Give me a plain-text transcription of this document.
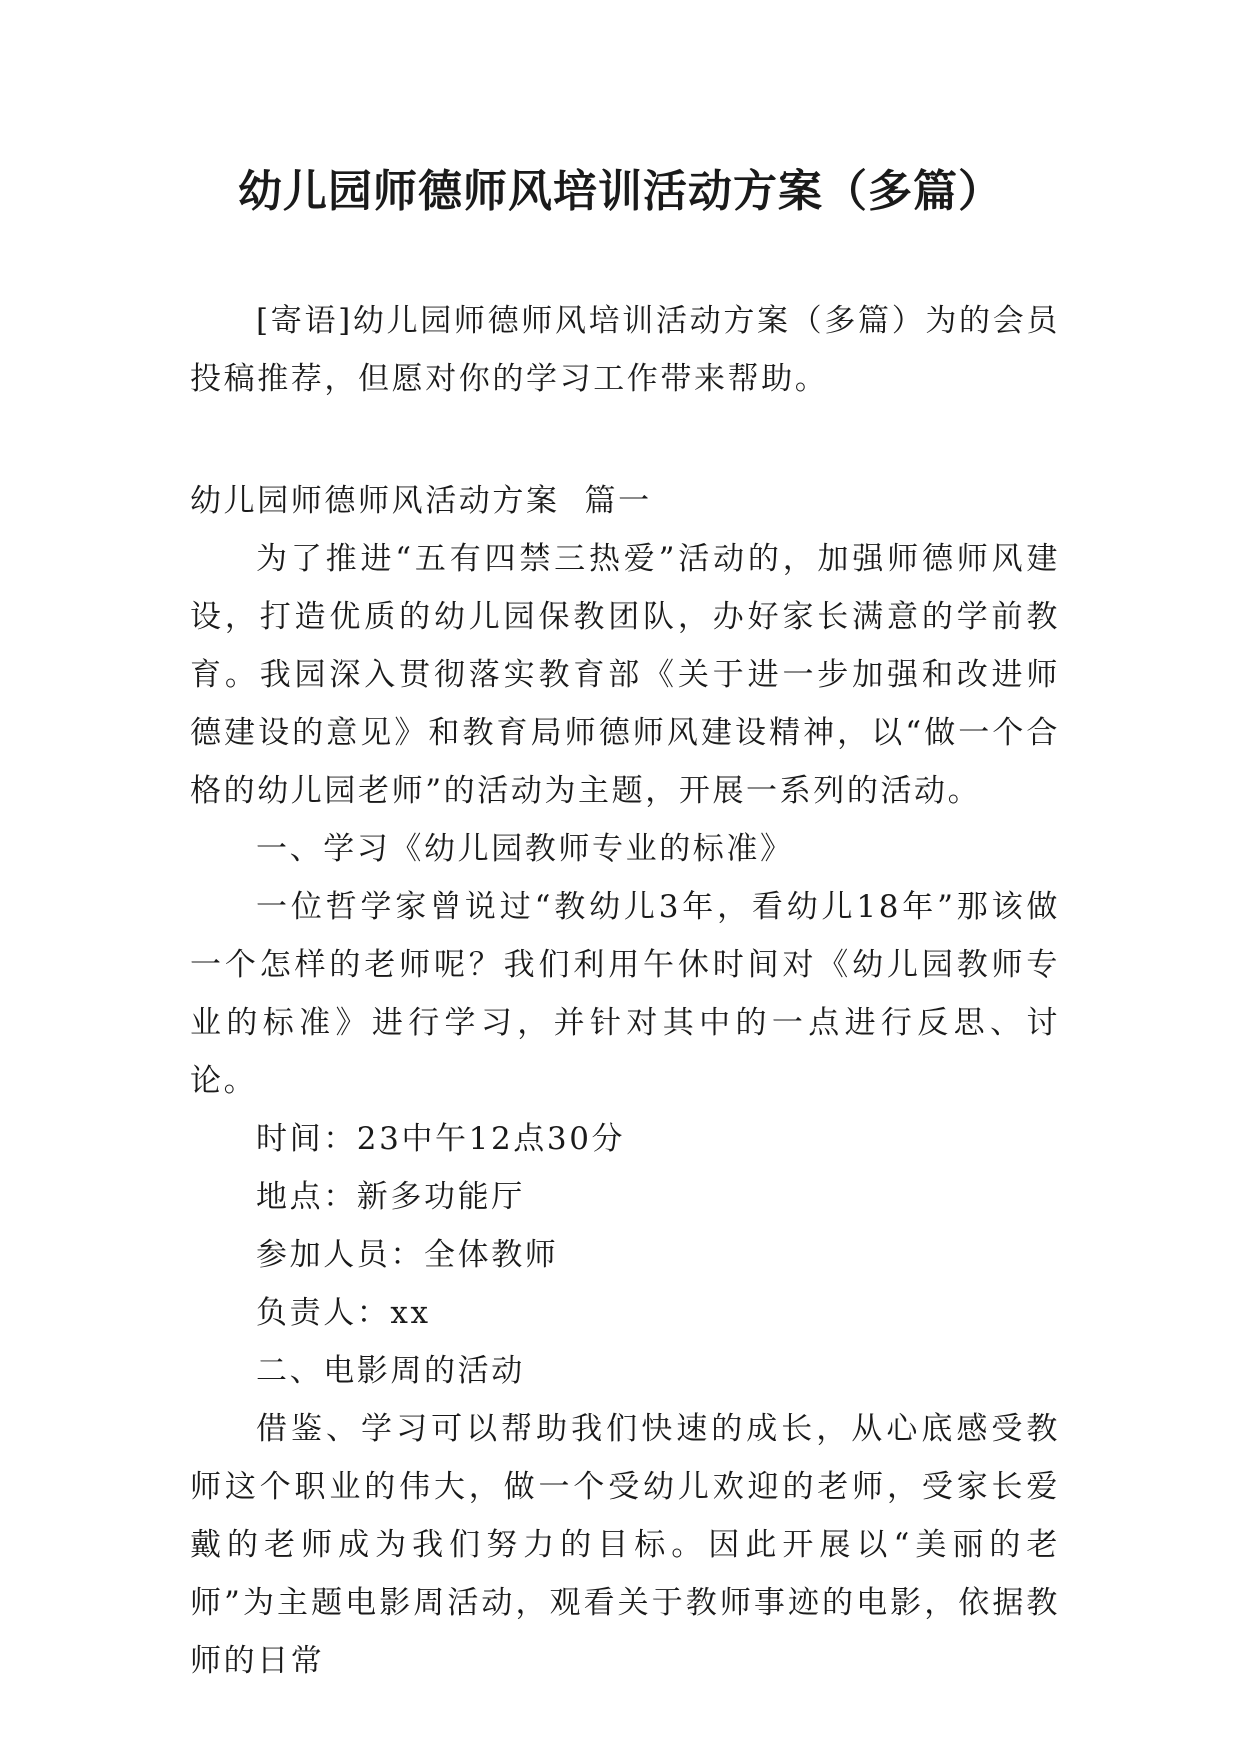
幼儿园师德师风培训活动方案（多篇）

[寄语]幼儿园师德师风培训活动方案（多篇）为的会员投稿推荐，但愿对你的学习工作带来帮助。

幼儿园师德师风活动方案  篇一

为了推进“五有四禁三热爱”活动的，加强师德师风建设，打造优质的幼儿园保教团队，办好家长满意的学前教育。我园深入贯彻落实教育部《关于进一步加强和改进师德建设的意见》和教育局师德师风建设精神，以“做一个合格的幼儿园老师”的活动为主题，开展一系列的活动。

一、学习《幼儿园教师专业的标准》

一位哲学家曾说过“教幼儿3年，看幼儿18年”那该做一个怎样的老师呢？我们利用午休时间对《幼儿园教师专业的标准》进行学习，并针对其中的一点进行反思、讨论。

时间：23中午12点30分

地点：新多功能厅

参加人员：全体教师

负责人：xx

二、电影周的活动

借鉴、学习可以帮助我们快速的成长，从心底感受教师这个职业的伟大，做一个受幼儿欢迎的老师，受家长爱戴的老师成为我们努力的目标。因此开展以“美丽的老师”为主题电影周活动，观看关于教师事迹的电影，依据教师的日常
